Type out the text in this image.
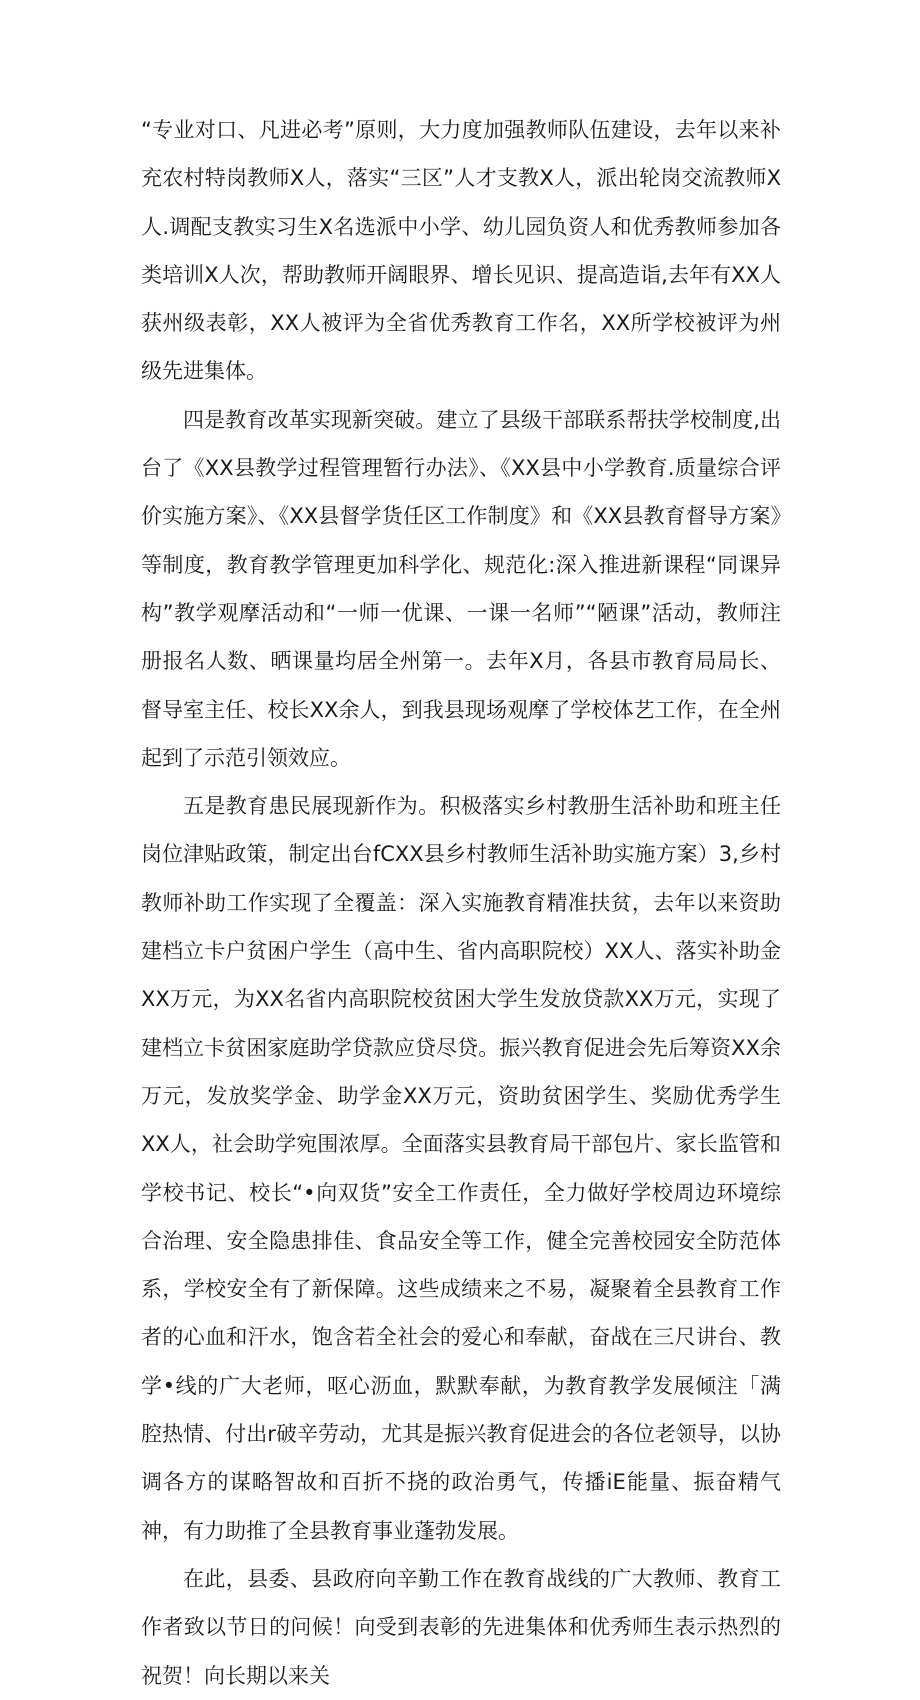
“专业对口、凡进必考”原则，大力度加强教师队伍建设，去年以来补充农村特岗教师X人，落实“三区”人才支教X人，派出轮岗交流教师X人.调配支教实习生X名选派中小学、幼儿园负资人和优秀教师参加各类培训X人次，帮助教师开阔眼界、增长见识、提高造诣,去年有XX人获州级表彰，XX人被评为全省优秀教育工作名，XX所学校被评为州级先进集体。

四是教育改革实现新突破。建立了县级干部联系帮扶学校制度,出台了《XX县教学过程管理暂行办法》、《XX县中小学教育.质量综合评价实施方案》、《XX县督学货任区工作制度》和《XX县教育督导方案》等制度，教育教学管理更加科学化、规范化:深入推进新课程“同课异构”教学观摩活动和“一师一优课、一课一名师”“陋课”活动，教师注册报名人数、晒课量均居全州第一。去年X月，各县市教育局局长、督导室主任、校长XX余人，到我县现场观摩了学校体艺工作，在全州起到了示范引领效应。

五是教育患民展现新作为。积极落实乡村教册生活补助和班主任岗位津贴政策，制定出台fCXX县乡村教师生活补助实施方案）3,乡村教师补助工作实现了全覆盖：深入实施教育精准扶贫，去年以来资助建档立卡户贫困户学生（高中生、省内高职院校）XX人、落实补助金XX万元，为XX名省内高职院校贫困大学生发放贷款XX万元，实现了建档立卡贫困家庭助学贷款应贷尽贷。振兴教育促进会先后筹资XX余万元，发放奖学金、助学金XX万元，资助贫困学生、奖励优秀学生XX人，社会助学宛围浓厚。全面落实县教育局干部包片、家长监管和学校书记、校长“•向双货”安全工作责任，全力做好学校周边环境综合治理、安全隐患排佳、食品安全等工作，健全完善校园安全防范体系，学校安全有了新保障。这些成绩来之不易，凝聚着全县教育工作者的心血和汗水，饱含若全社会的爱心和奉献，奋战在三尺讲台、教学•线的广大老师，呕心沥血，默默奉献，为教育教学发展倾注「满腔热情、付出r破辛劳动，尤其是振兴教育促进会的各位老领导，以协调各方的谋略智故和百折不挠的政治勇气，传播iE能量、振奋精气神，有力助推了全县教育事业蓬勃发展。

在此，县委、县政府向辛勤工作在教育战线的广大教师、教育工作者致以节日的问候！向受到表彰的先进集体和优秀师生表示热烈的祝贺！向长期以来关
